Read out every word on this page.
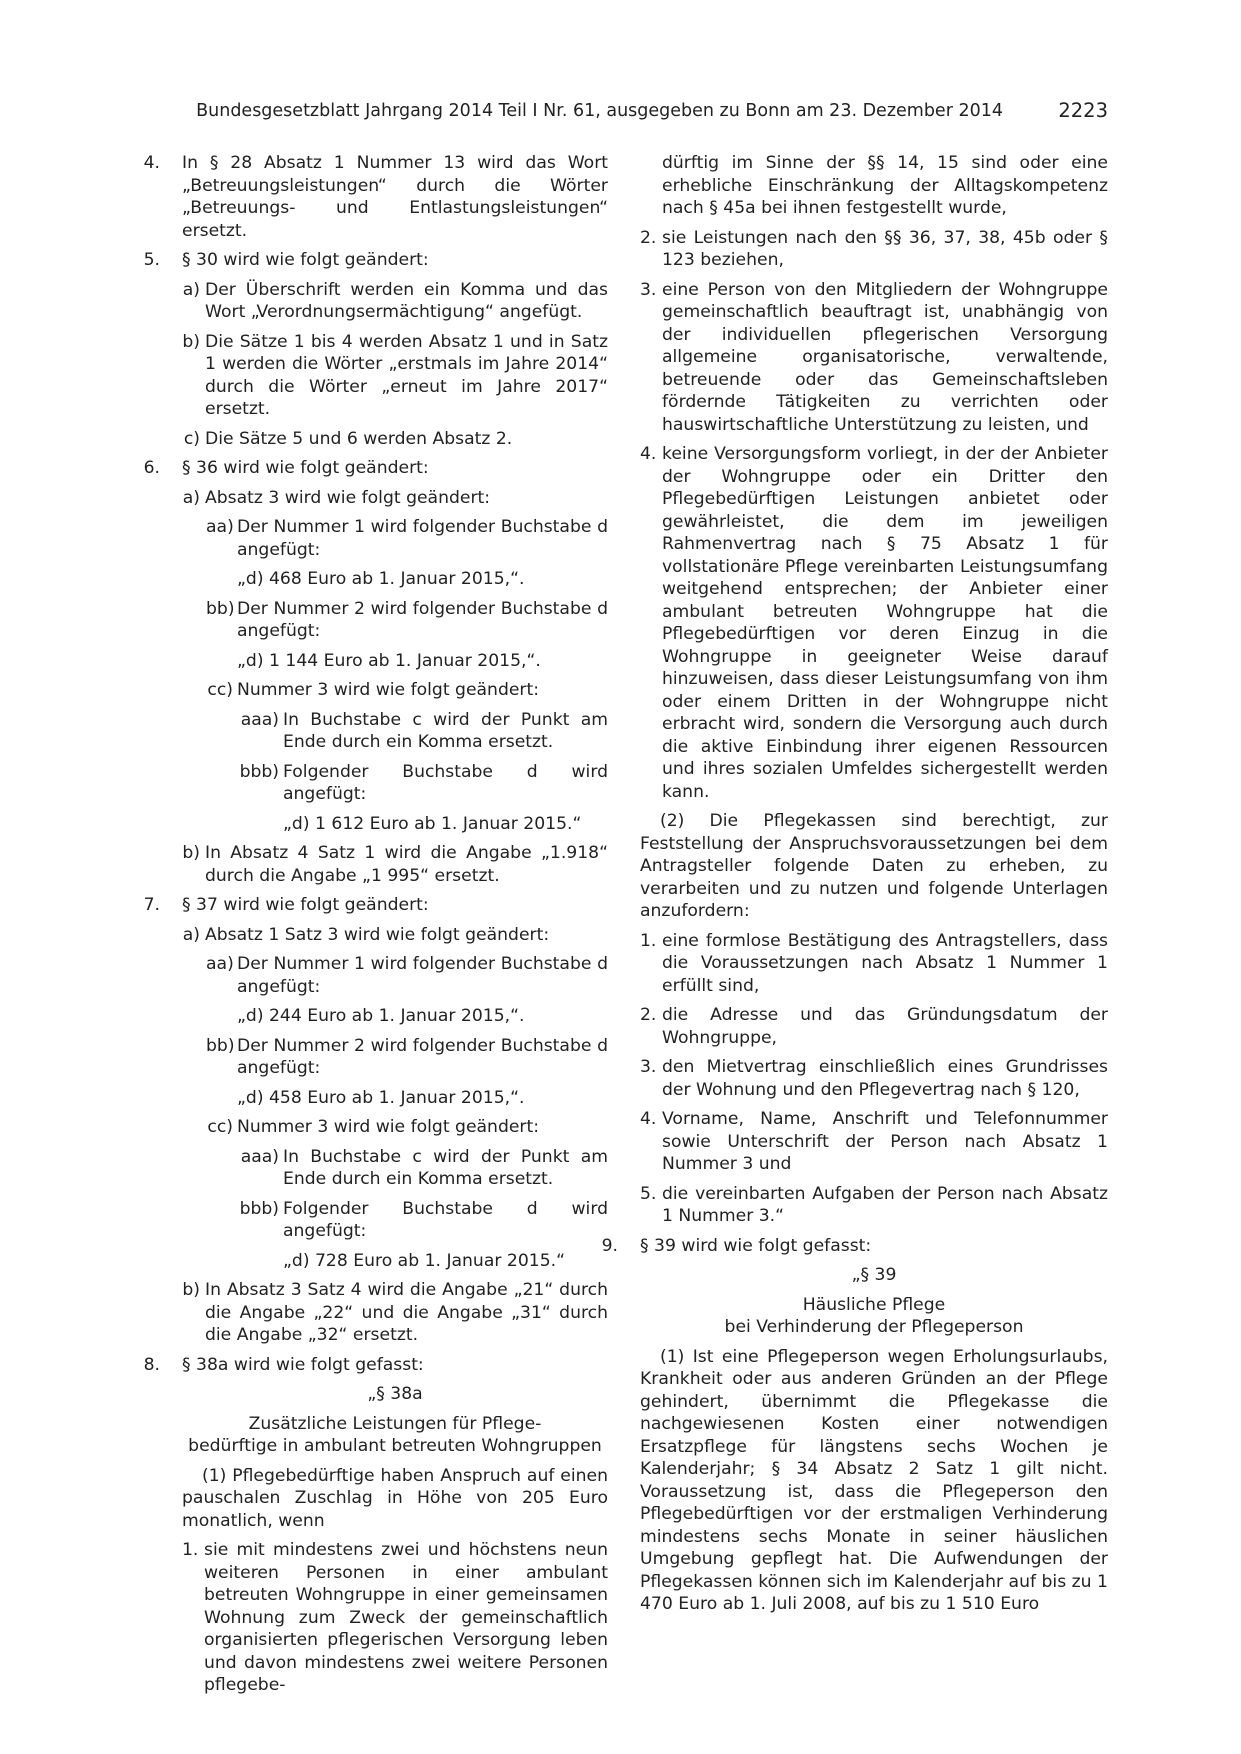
Bundesgesetzblatt Jahrgang 2014 Teil I Nr. 61, ausgegeben zu Bonn am 23. Dezember 2014	2223
4.	In § 28 Absatz 1 Nummer 13 wird das Wort „Betreuungsleistungen“ durch die Wörter „Betreuungs- und Entlastungsleistungen“ ersetzt.
5.	§ 30 wird wie folgt geändert:
a) Der Überschrift werden ein Komma und das Wort „Verordnungsermächtigung“ angefügt.
b) Die Sätze 1 bis 4 werden Absatz 1 und in Satz 1 werden die Wörter „erstmals im Jahre 2014“ durch die Wörter „erneut im Jahre 2017“ ersetzt.
c) Die Sätze 5 und 6 werden Absatz 2.
6.	§ 36 wird wie folgt geändert:
a) Absatz 3 wird wie folgt geändert:
aa) Der Nummer 1 wird folgender Buchstabe d angefügt:
„d) 468 Euro ab 1. Januar 2015,“.
bb) Der Nummer 2 wird folgender Buchstabe d angefügt:
„d) 1 144 Euro ab 1. Januar 2015,“.
cc) Nummer 3 wird wie folgt geändert:
aaa) In Buchstabe c wird der Punkt am Ende durch ein Komma ersetzt.
bbb) Folgender Buchstabe d wird angefügt:
„d) 1 612 Euro ab 1. Januar 2015.“
b) In Absatz 4 Satz 1 wird die Angabe „1.918“ durch die Angabe „1 995“ ersetzt.
7.	§ 37 wird wie folgt geändert:
a) Absatz 1 Satz 3 wird wie folgt geändert:
aa) Der Nummer 1 wird folgender Buchstabe d angefügt:
„d) 244 Euro ab 1. Januar 2015,“.
bb) Der Nummer 2 wird folgender Buchstabe d angefügt:
„d) 458 Euro ab 1. Januar 2015,“.
cc) Nummer 3 wird wie folgt geändert:
aaa) In Buchstabe c wird der Punkt am Ende durch ein Komma ersetzt.
bbb) Folgender Buchstabe d wird angefügt:
„d) 728 Euro ab 1. Januar 2015.“
b) In Absatz 3 Satz 4 wird die Angabe „21“ durch die Angabe „22“ und die Angabe „31“ durch die Angabe „32“ ersetzt.
8.	§ 38a wird wie folgt gefasst:
„§ 38a
Zusätzliche Leistungen für Pflege-
bedürftige in ambulant betreuten Wohngruppen
(1) Pflegebedürftige haben Anspruch auf einen pauschalen Zuschlag in Höhe von 205 Euro monatlich, wenn
1. sie mit mindestens zwei und höchstens neun weiteren Personen in einer ambulant betreuten Wohngruppe in einer gemeinsamen Wohnung zum Zweck der gemeinschaftlich organisierten pflegerischen Versorgung leben und davon mindestens zwei weitere Personen pflegebe-
dürftig im Sinne der §§ 14, 15 sind oder eine erhebliche Einschränkung der Alltagskompetenz nach § 45a bei ihnen festgestellt wurde,
2. sie Leistungen nach den §§ 36, 37, 38, 45b oder § 123 beziehen,
3. eine Person von den Mitgliedern der Wohngruppe gemeinschaftlich beauftragt ist, unabhängig von der individuellen pflegerischen Versorgung allgemeine organisatorische, verwaltende, betreuende oder das Gemeinschaftsleben fördernde Tätigkeiten zu verrichten oder hauswirtschaftliche Unterstützung zu leisten, und
4. keine Versorgungsform vorliegt, in der der Anbieter der Wohngruppe oder ein Dritter den Pflegebedürftigen Leistungen anbietet oder gewährleistet, die dem im jeweiligen Rahmenvertrag nach § 75 Absatz 1 für vollstationäre Pflege vereinbarten Leistungsumfang weitgehend entsprechen; der Anbieter einer ambulant betreuten Wohngruppe hat die Pflegebedürftigen vor deren Einzug in die Wohngruppe in geeigneter Weise darauf hinzuweisen, dass dieser Leistungsumfang von ihm oder einem Dritten in der Wohngruppe nicht erbracht wird, sondern die Versorgung auch durch die aktive Einbindung ihrer eigenen Ressourcen und ihres sozialen Umfeldes sichergestellt werden kann.
(2) Die Pflegekassen sind berechtigt, zur Feststellung der Anspruchsvoraussetzungen bei dem Antragsteller folgende Daten zu erheben, zu verarbeiten und zu nutzen und folgende Unterlagen anzufordern:
1. eine formlose Bestätigung des Antragstellers, dass die Voraussetzungen nach Absatz 1 Nummer 1 erfüllt sind,
2. die Adresse und das Gründungsdatum der Wohngruppe,
3. den Mietvertrag einschließlich eines Grundrisses der Wohnung und den Pflegevertrag nach § 120,
4. Vorname, Name, Anschrift und Telefonnummer sowie Unterschrift der Person nach Absatz 1 Nummer 3 und
5. die vereinbarten Aufgaben der Person nach Absatz 1 Nummer 3.“
9.	§ 39 wird wie folgt gefasst:
„§ 39
Häusliche Pflege
bei Verhinderung der Pflegeperson
(1) Ist eine Pflegeperson wegen Erholungsurlaubs, Krankheit oder aus anderen Gründen an der Pflege gehindert, übernimmt die Pflegekasse die nachgewiesenen Kosten einer notwendigen Ersatzpflege für längstens sechs Wochen je Kalenderjahr; § 34 Absatz 2 Satz 1 gilt nicht. Voraussetzung ist, dass die Pflegeperson den Pflegebedürftigen vor der erstmaligen Verhinderung mindestens sechs Monate in seiner häuslichen Umgebung gepflegt hat. Die Aufwendungen der Pflegekassen können sich im Kalenderjahr auf bis zu 1 470 Euro ab 1. Juli 2008, auf bis zu 1 510 Euro
